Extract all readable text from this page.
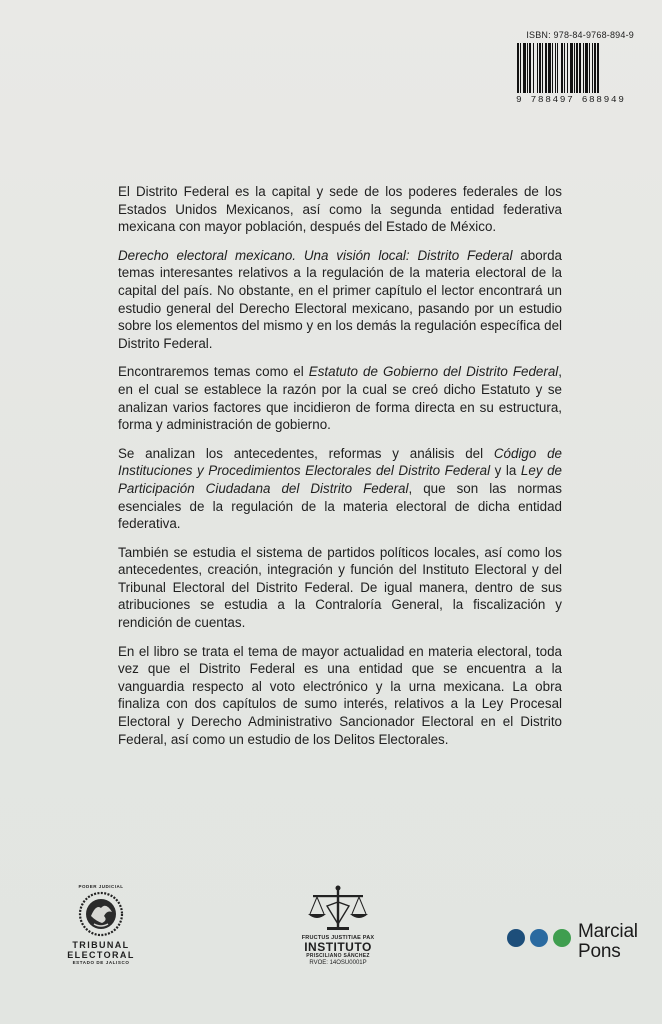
ISBN: 978-84-9768-894-9
9 788497 688949

El Distrito Federal es la capital y sede de los poderes federales de los Estados Unidos Mexicanos, así como la segunda entidad federativa mexicana con mayor población, después del Estado de México.

Derecho electoral mexicano. Una visión local: Distrito Federal aborda temas interesantes relativos a la regulación de la materia electoral de la capital del país. No obstante, en el primer capítulo el lector encontrará un estudio general del Derecho Electoral mexicano, pasando por un estudio sobre los elementos del mismo y en los demás la regulación específica del Distrito Federal.

Encontraremos temas como el Estatuto de Gobierno del Distrito Federal, en el cual se establece la razón por la cual se creó dicho Estatuto y se analizan varios factores que incidieron de forma directa en su estructura, forma y administración de gobierno.

Se analizan los antecedentes, reformas y análisis del Código de Instituciones y Procedimientos Electorales del Distrito Federal y la Ley de Participación Ciudadana del Distrito Federal, que son las normas esenciales de la regulación de la materia electoral de dicha entidad federativa.

También se estudia el sistema de partidos políticos locales, así como los antecedentes, creación, integración y función del Instituto Electoral y del Tribunal Electoral del Distrito Federal. De igual manera, dentro de sus atribuciones se estudia a la Contraloría General, la fiscalización y rendición de cuentas.

En el libro se trata el tema de mayor actualidad en materia electoral, toda vez que el Distrito Federal es una entidad que se encuentra a la vanguardia respecto al voto electrónico y la urna mexicana. La obra finaliza con dos capítulos de sumo interés, relativos a la Ley Procesal Electoral y Derecho Administrativo Sancionador Electoral en el Distrito Federal, así como un estudio de los Delitos Electorales.

PODER JUDICIAL
TRIBUNAL
ELECTORAL
ESTADO DE JALISCO
FRUCTUS JUSTITIAE PAX
INSTITUTO
PRISCILIANO SÁNCHEZ
RVOE: 14OSU0001P
Marcial
Pons
